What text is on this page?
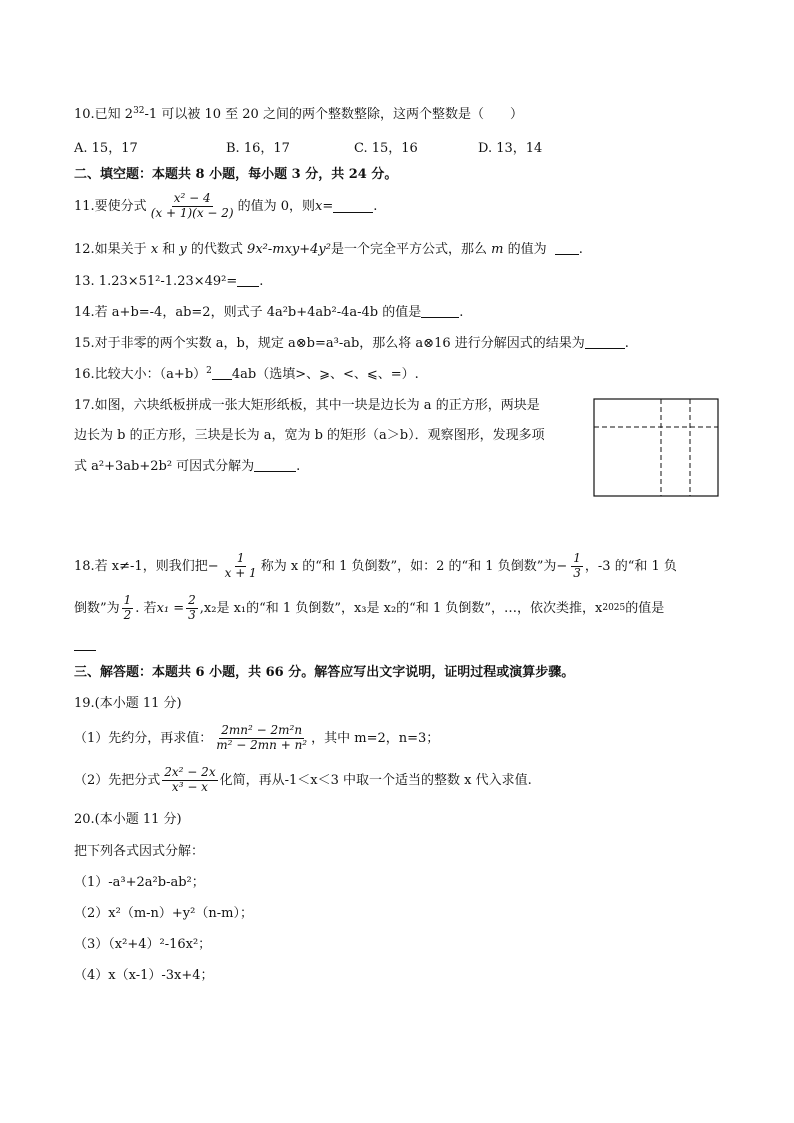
10.已知 $2^{32}-1$ 可以被 10 至 20 之间的两个整数整除，这两个整数是（　　）
A. 15，17	B. 16，17	C. 15，16	D. 13，14
二、填空题：本题共 8 小题，每小题 3 分，共 24 分。
11.要使分式 $\frac{\text{x² − 4}}{(x + 1)(x - 2)}$ 的值为 0，则 x =	.
12.如果关于 x 和 y 的代数式 9x²-mxy+4y²是一个完全平方公式，那么 m 的值为 .
13. 1.23×51²-1.23×49²= .
14.若 a+b=-4，ab=2，则式子 4a²b+4ab²-4a-4b 的值是	.
15.对于非零的两个实数 a，b，规定 a⊗b=a³-ab，那么将 a⊗16 进行分解因式的结果为	.
16.比较大小：$(a+b)^2$ 4ab（选填>、⩾、<、⩽、=）.
17.如图，六块纸板拼成一张大矩形纸板，其中一块是边长为 a 的正方形，两块是
边长为 b 的正方形，三块是长为 a，宽为 b 的矩形（a＞b）．观察图形，发现多项
式 a²+3ab+2b² 可因式分解为	.
18.若 x≠-1，则我们把 − $\frac{1}{x + 1}$ 称为 x 的“和 1 负倒数”，如：2 的“和 1 负倒数”为 − $\frac{1}{3}$ ，-3 的“和 1 负
倒数”为 $\frac{1}{2}$ . 若 $x_1 = \frac{2}{3} ,x_2$是 x₁的“和 1 负倒数”，x₃是 x₂的“和 1 负倒数”，…，依次类推，x 2025 的值是
三、解答题：本题共 6 小题，共 66 分。解答应写出文字说明，证明过程或演算步骤。
19.(本小题 11 分)
（1）先约分，再求值： $\frac{\text{2mn² − 2m²n}}{\text{m² − 2mn + n²}}$ ，其中 m=2，n=3；
（2）先把分式 $\frac{\text{2x² − 2x}}{\text{x³ − x}}$ 化简，再从-1＜x＜3 中取一个适当的整数 x 代入求值.
20.(本小题 11 分)
把下列各式因式分解：
（1）-a³+2a²b-ab²；
（2）x²（m-n）+y²（n-m）；
（3）（x²+4）²-16x²；
（4）x（x-1）-3x+4；
